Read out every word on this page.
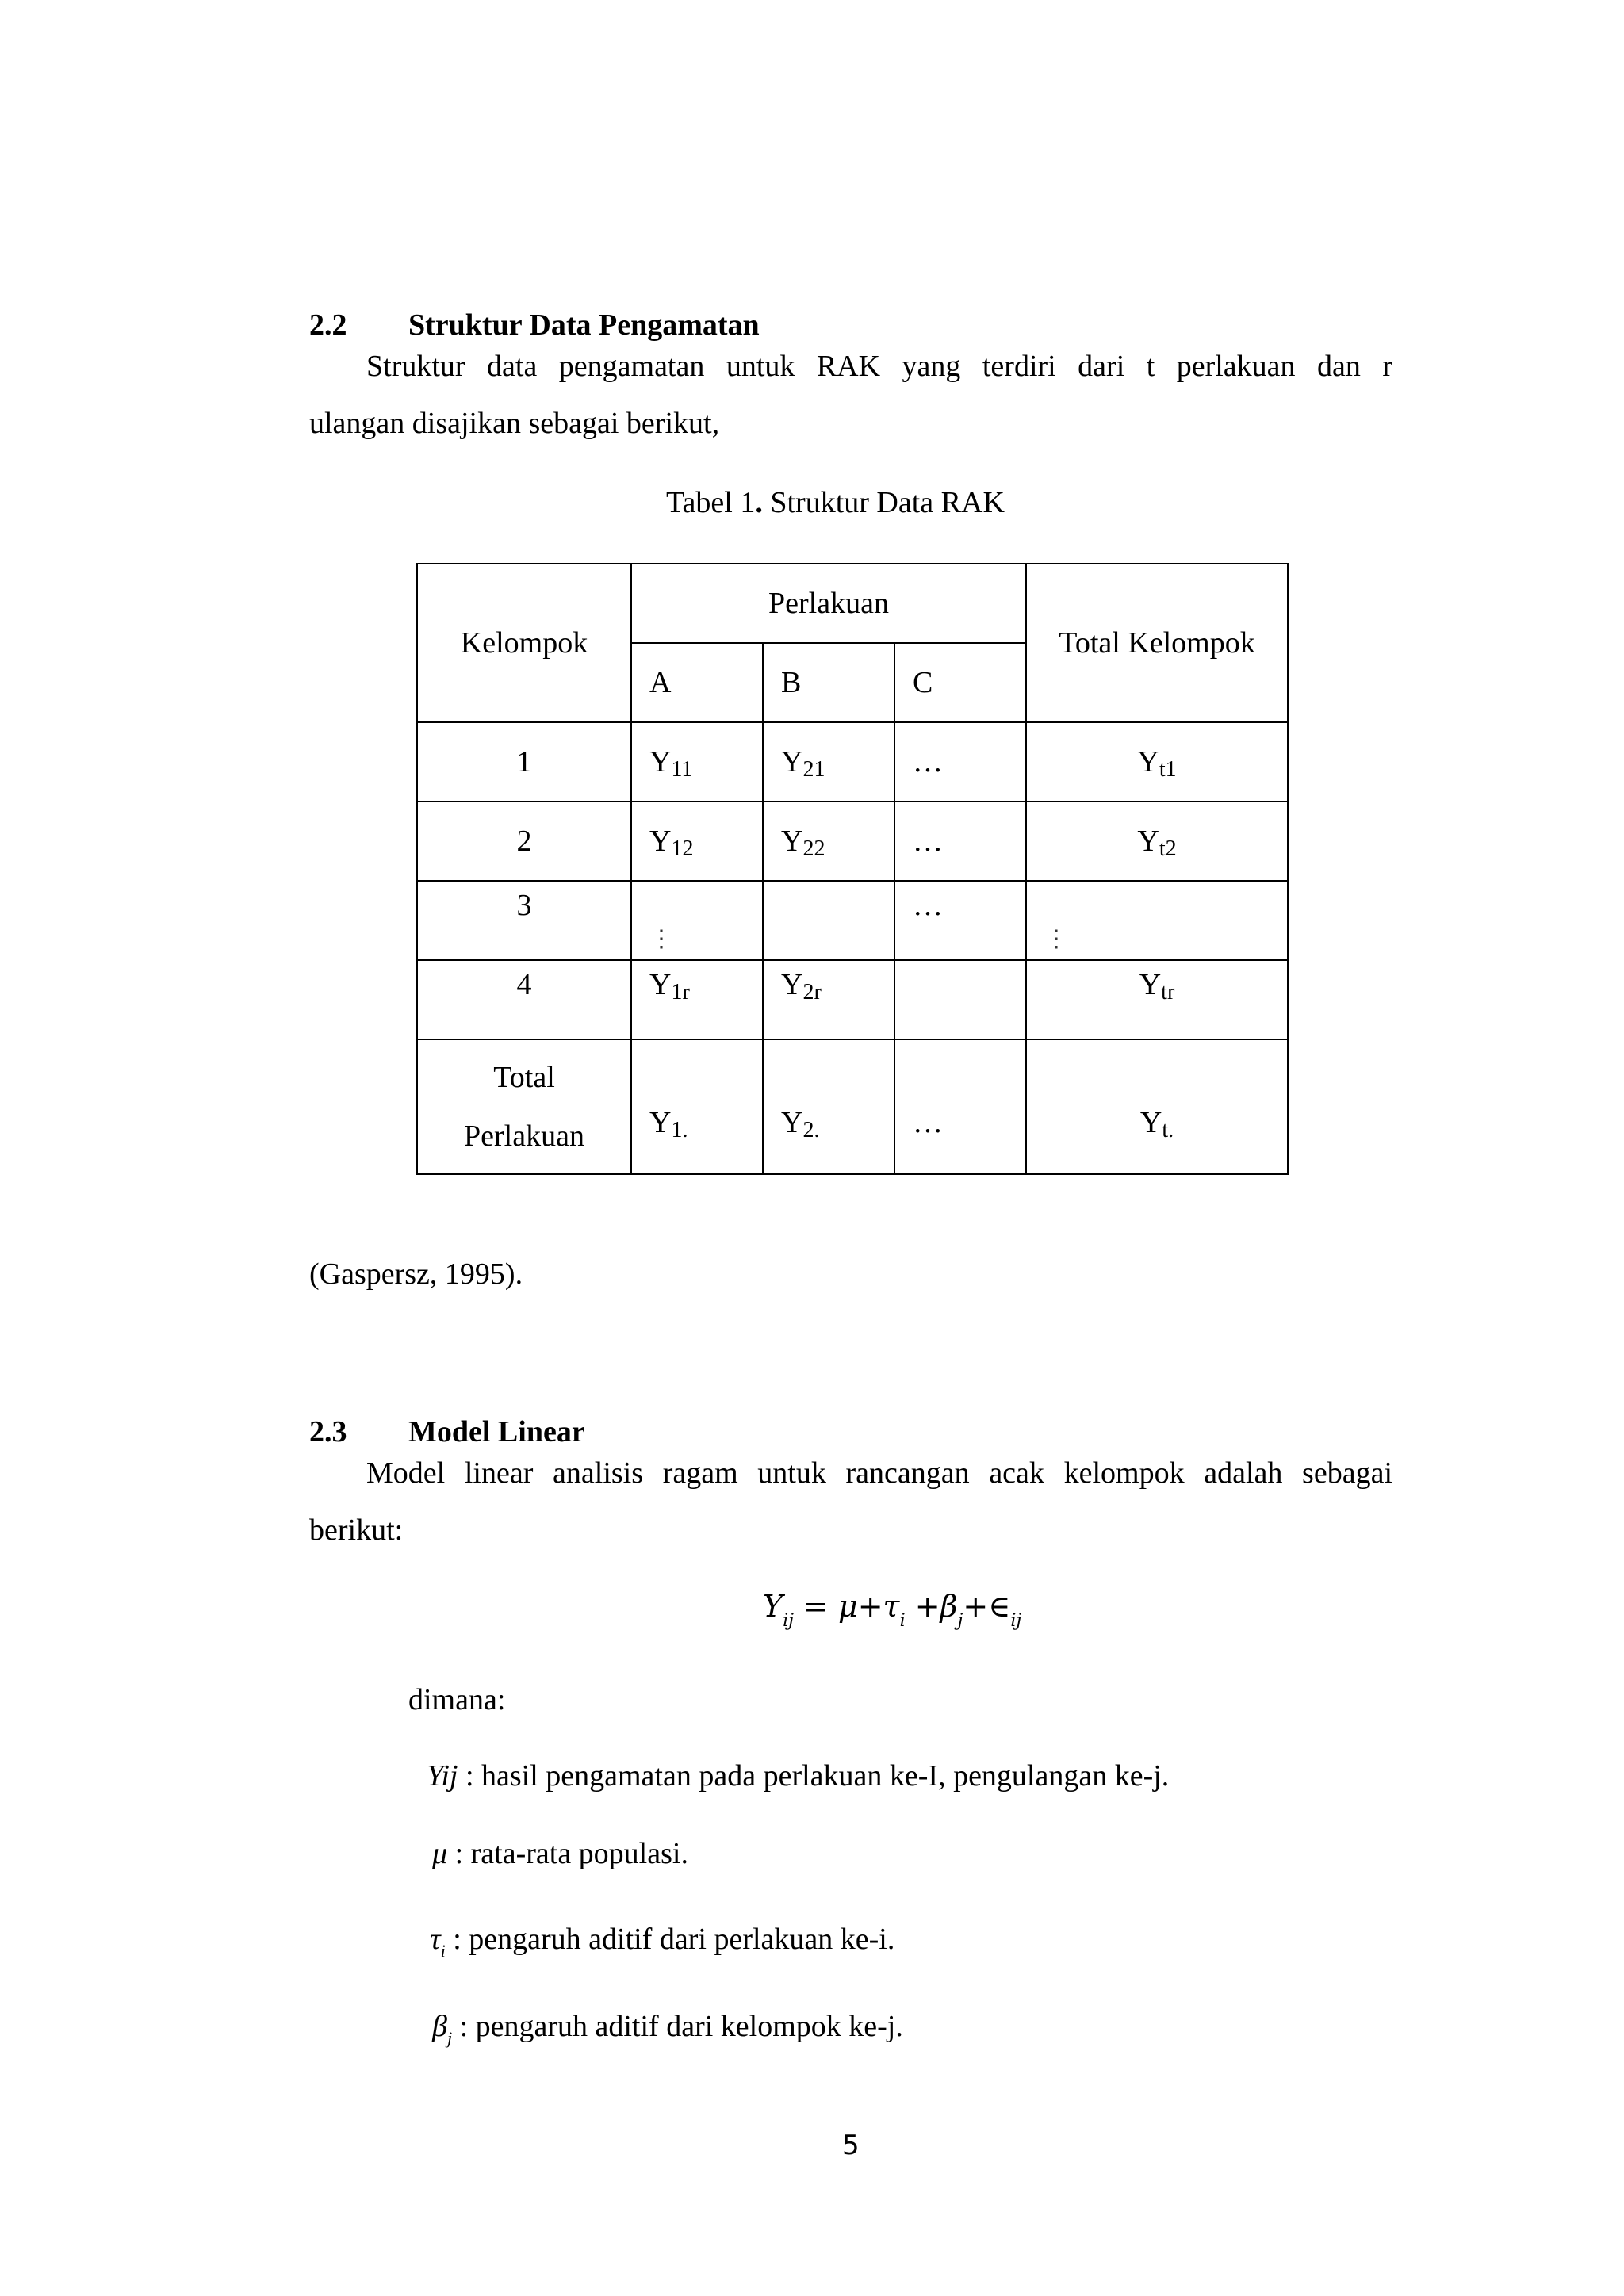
2.2 Struktur Data Pengamatan
Struktur data pengamatan untuk RAK yang terdiri dari t perlakuan dan r
ulangan disajikan sebagai berikut,
Tabel 1. Struktur Data RAK
Kelompok	Perlakuan			Total Kelompok
	A	B	C	
1	Y11	Y21	…	Yt1
2	Y12	Y22	…	Yt2
3	⋮		…	⋮
4	Y1r	Y2r		Ytr

Total
Perlakuan	Y1.	Y2.	…	Yt.
(Gaspersz, 1995).
2.3 Model Linear
Model linear analisis ragam untuk rancangan acak kelompok adalah sebagai
berikut:
$Y_{ij} = \mu+\tau_i$ $+\beta_j+\in_{ij}$
dimana:
Yij : hasil pengamatan pada perlakuan ke-I, pengulangan ke-j.
μ : rata-rata populasi.
$\tau_i$ : pengaruh aditif dari perlakuan ke-i.
$\beta_j$ : pengaruh aditif dari kelompok ke-j.
5
